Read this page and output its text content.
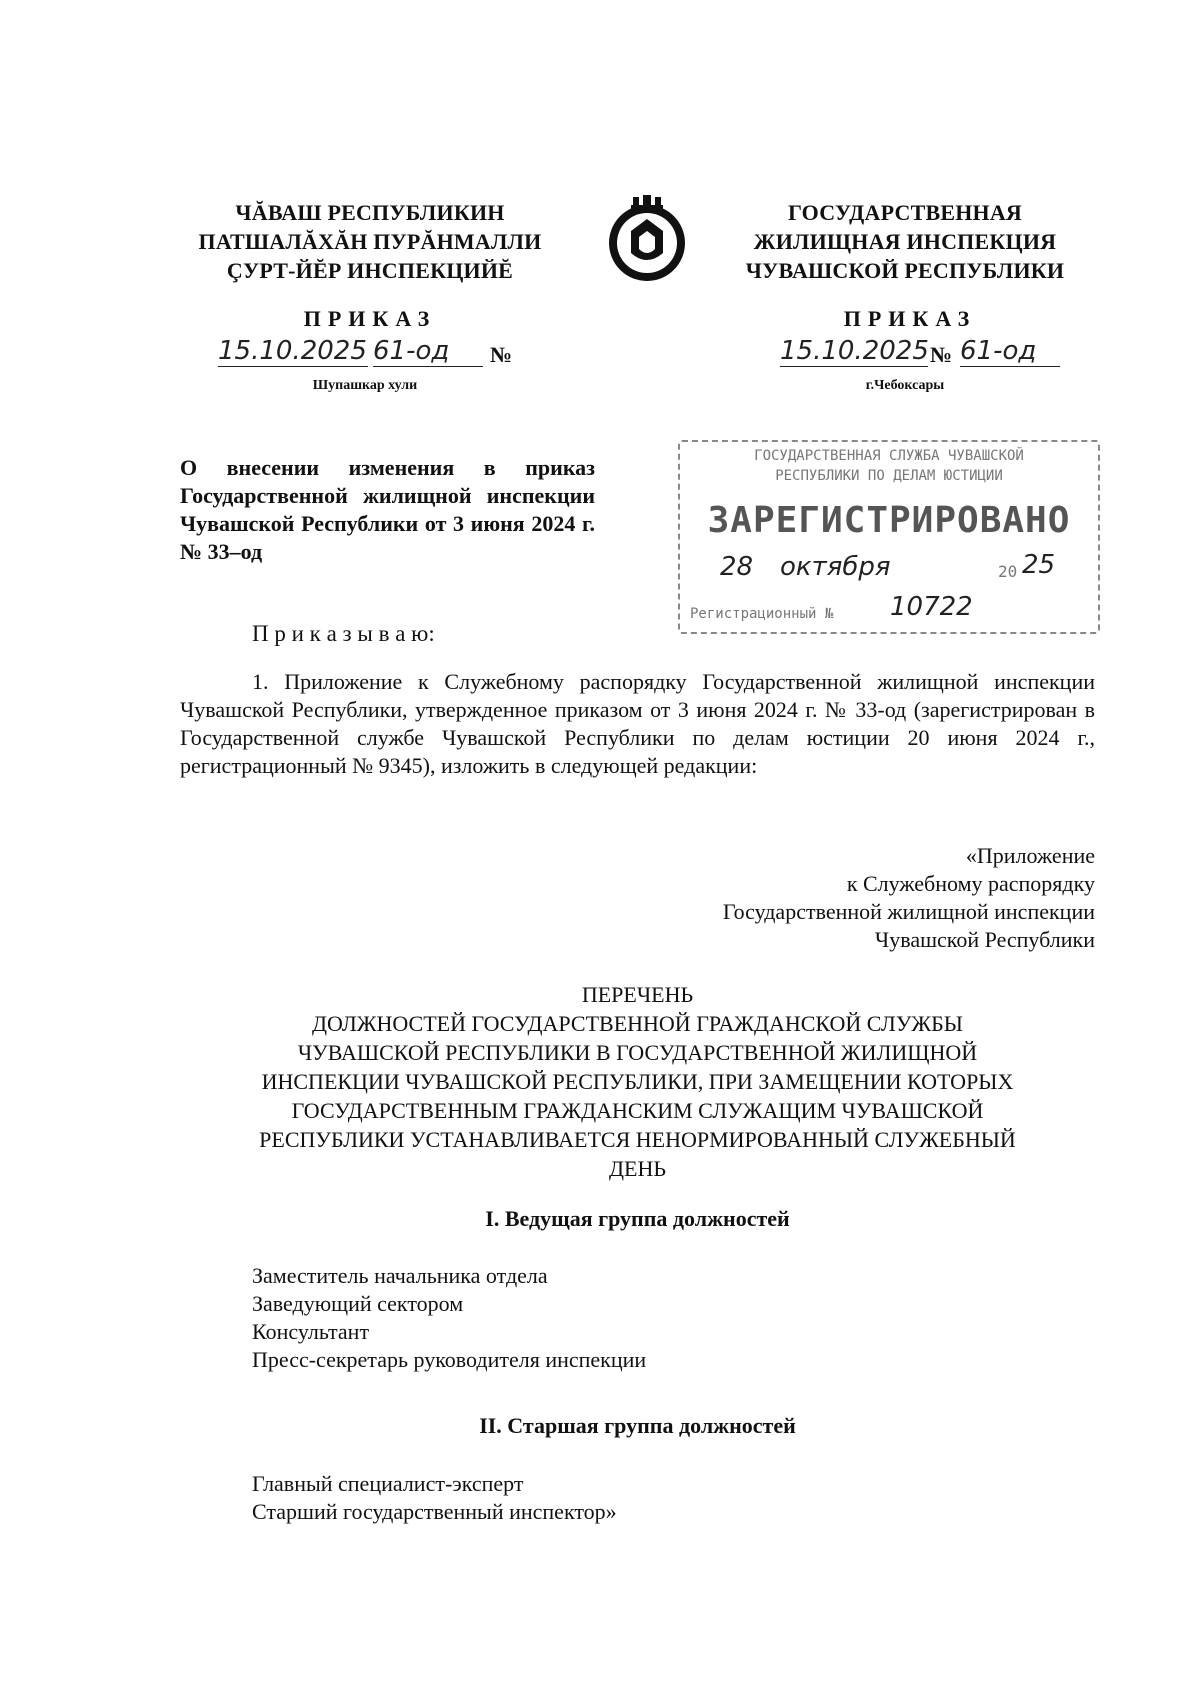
ЧĂВАШ РЕСПУБЛИКИН
ПАТШАЛĂХĂН ПУРĂНМАЛЛИ
ÇУРТ-ЙĔР ИНСПЕКЦИЙĔ
ГОСУДАРСТВЕННАЯ
ЖИЛИЩНАЯ ИНСПЕКЦИЯ
ЧУВАШСКОЙ РЕСПУБЛИКИ
ПРИКАЗ	ПРИКАЗ
15.10.2025 61-од	№
Шупашкар хули
15.10.2025 № 61-од
г.Чебоксары
О внесении изменения в приказ Государственной жилищной инспекции Чувашской Республики от 3 июня 2024 г. № 33–од
ГОСУДАРСТВЕННАЯ СЛУЖБА ЧУВАШСКОЙ
РЕСПУБЛИКИ ПО ДЕЛАМ ЮСТИЦИИ
ЗАРЕГИСТРИРОВАНО
28 октября	20 25
Регистрационный № 10722
П р и к а з ы в а ю:
1. Приложение к Служебному распорядку Государственной жилищной инспекции Чувашской Республики, утвержденное приказом от 3 июня 2024 г. № 33-од (зарегистрирован в Государственной службе Чувашской Республики по делам юстиции 20 июня 2024 г., регистрационный № 9345), изложить в следующей редакции:
«Приложение
к Служебному распорядку
Государственной жилищной инспекции
Чувашской Республики
ПЕРЕЧЕНЬ
ДОЛЖНОСТЕЙ ГОСУДАРСТВЕННОЙ ГРАЖДАНСКОЙ СЛУЖБЫ
ЧУВАШСКОЙ РЕСПУБЛИКИ В ГОСУДАРСТВЕННОЙ ЖИЛИЩНОЙ
ИНСПЕКЦИИ ЧУВАШСКОЙ РЕСПУБЛИКИ, ПРИ ЗАМЕЩЕНИИ КОТОРЫХ
ГОСУДАРСТВЕННЫМ ГРАЖДАНСКИМ СЛУЖАЩИМ ЧУВАШСКОЙ
РЕСПУБЛИКИ УСТАНАВЛИВАЕТСЯ НЕНОРМИРОВАННЫЙ СЛУЖЕБНЫЙ
ДЕНЬ
I. Ведущая группа должностей
Заместитель начальника отдела
Заведующий сектором
Консультант
Пресс-секретарь руководителя инспекции
II. Старшая группа должностей
Главный специалист-эксперт
Старший государственный инспектор»
